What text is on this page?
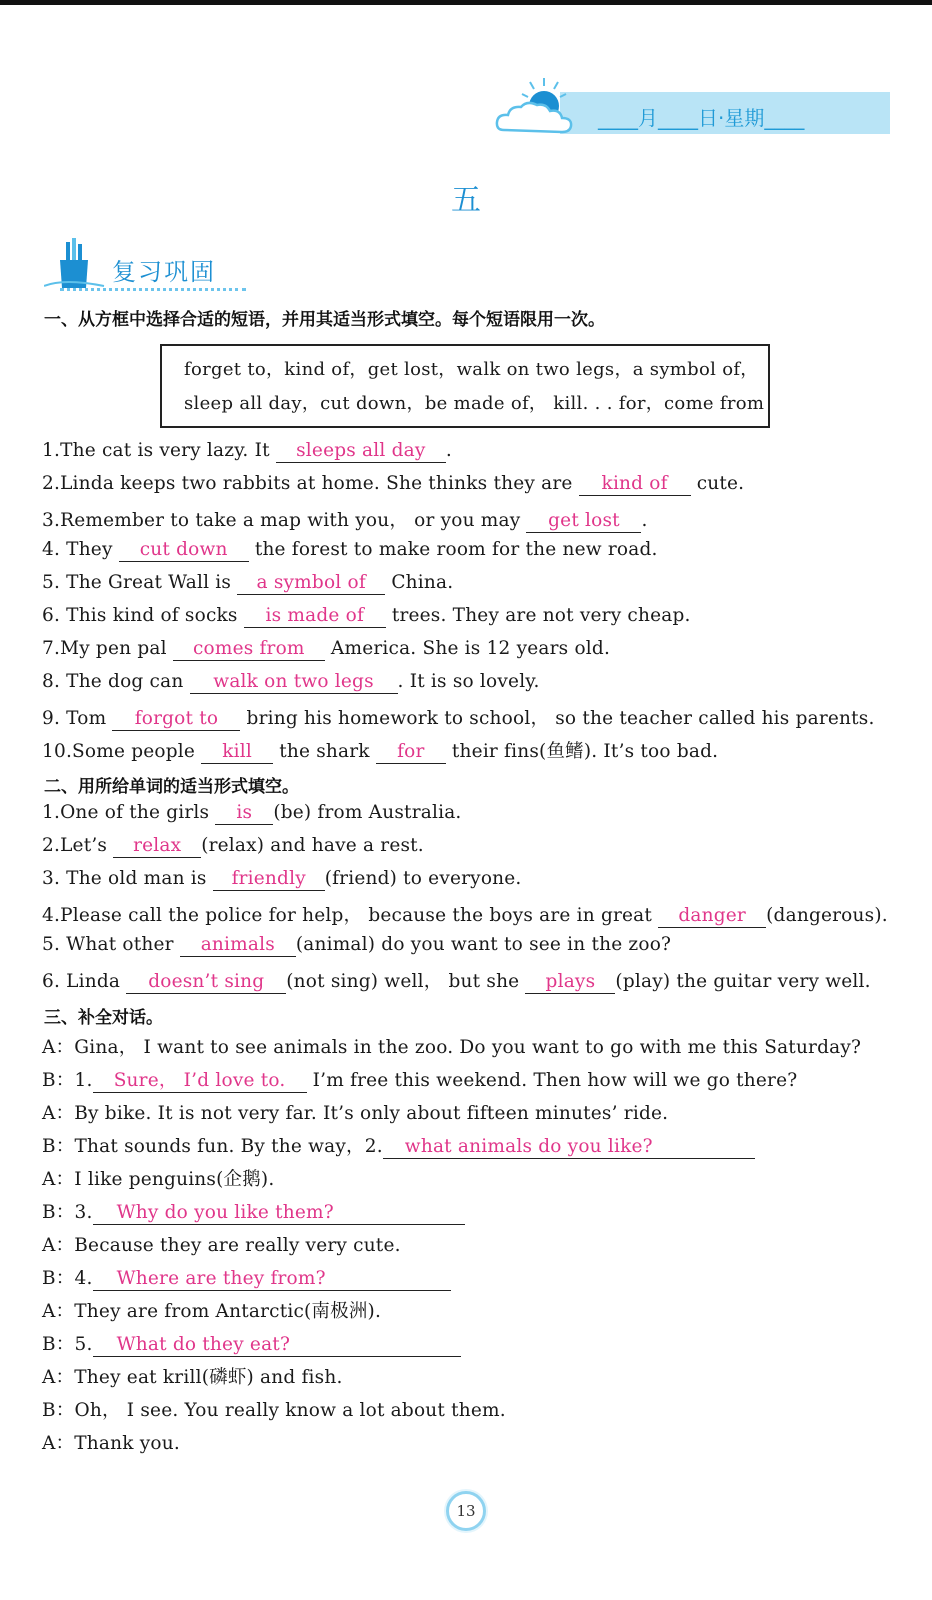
____月____日·星期____
五
复习巩固
一、从方框中选择合适的短语，并用其适当形式填空。每个短语限用一次。
forget to，kind of，get lost，walk on two legs，a symbol of，
sleep all day，cut down，be made of， kill. . . for，come from
1.The cat is very lazy. It sleeps all day .
2.Linda keeps two rabbits at home. She thinks they are kind of cute.
3.Remember to take a map with you， or you may get lost .
4. They cut down the forest to make room for the new road.
5. The Great Wall is a symbol of China.
6. This kind of socks is made of trees. They are not very cheap.
7.My pen pal comes from America. She is 12 years old.
8. The dog can walk on two legs . It is so lovely.
9. Tom forgot to bring his homework to school， so the teacher called his parents.
10.Some people kill the shark for their fins(鱼鳍). It’s too bad.
二、用所给单词的适当形式填空。
1.One of the girls is (be) from Australia.
2.Let’s relax (relax) and have a rest.
3. The old man is friendly (friend) to everyone.
4.Please call the police for help， because the boys are in great danger (dangerous).
5. What other animals (animal) do you want to see in the zoo?
6. Linda doesn’t sing (not sing) well， but she plays (play) the guitar very well.
三、补全对话。
A：Gina， I want to see animals in the zoo. Do you want to go with me this Saturday?
B：1. Sure， I’d love to. I’m free this weekend. Then how will we go there?
A：By bike. It is not very far. It’s only about fifteen minutes’ ride.
B：That sounds fun. By the way，2. what animals do you like?
A：I like penguins(企鹅).
B：3. Why do you like them?
A：Because they are really very cute.
B：4. Where are they from?
A：They are from Antarctic(南极洲).
B：5. What do they eat?
A：They eat krill(磷虾) and fish.
B：Oh， I see. You really know a lot about them.
A：Thank you.
13
